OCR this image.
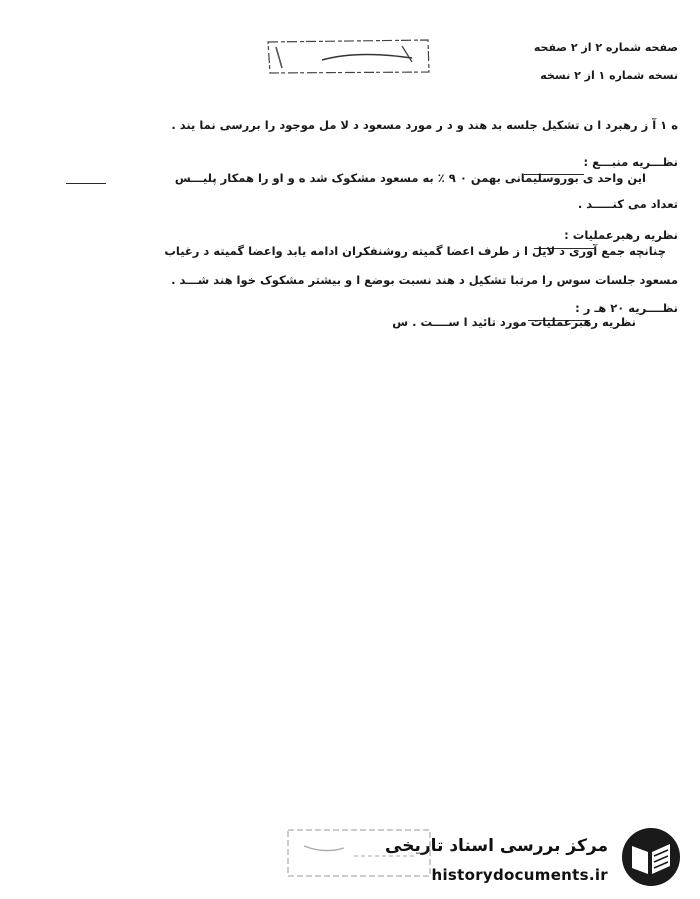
صفحه شماره ۲ از ۲ صفحه
نسخه شماره ۱ از ۲ نسخه
ه ۱ آ ز رهبرد ا ن تشکیل جلسه بد هند و د ر مورد مسعود د لا مل موجود را بررسی نما یند .
نظـــریه منبـــع :
این واحد ی بوروسلیمانی بهمن ۰ ۹ ٪ به مسعود مشکوک شد ه و او را همکار پلیـــس
تعداد می کنـــــد .
نظریه رهبرعملیات :
چنانچه جمع آوری د لایل ا ز طرف اعضا گمیته روشنفکران ادامه یابد واعضا گمیته د رغیاب
مسعود جلسات سوس را مرتبا تشکیل د هند نسبت بوضع ا و بیشتر مشکوک خوا هند شـــد .
نظــــریه ۲۰ هـ ر :
نظریه رهبرعملیات مورد تائید ا ســــت . س
مرکز بررسی اسناد تاریخی
historydocuments.ir
